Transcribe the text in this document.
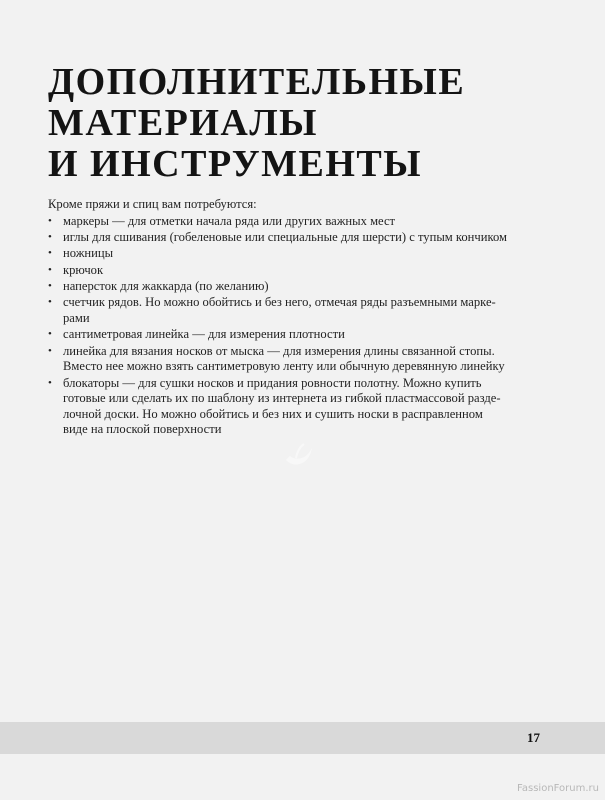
ДОПОЛНИТЕЛЬНЫЕ
МАТЕРИАЛЫ
И ИНСТРУМЕНТЫ

Кроме пряжи и спиц вам потребуются:

• маркеры — для отметки начала ряда или других важных мест
• иглы для сшивания (гобеленовые или специальные для шерсти) с тупым кончиком
• ножницы
• крючок
• наперсток для жаккарда (по желанию)
• счетчик рядов. Но можно обойтись и без него, отмечая ряды разъемными марке-рами
• сантиметровая линейка — для измерения плотности
• линейка для вязания носков от мыска — для измерения длины связанной стопы. Вместо нее можно взять сантиметровую ленту или обычную деревянную линейку
• блокаторы — для сушки носков и придания ровности полотну. Можно купить готовые или сделать их по шаблону из интернета из гибкой пластмассовой разде-лочной доски. Но можно обойтись и без них и сушить носки в расправленном виде на плоской поверхности
17
FassionForum.ru
